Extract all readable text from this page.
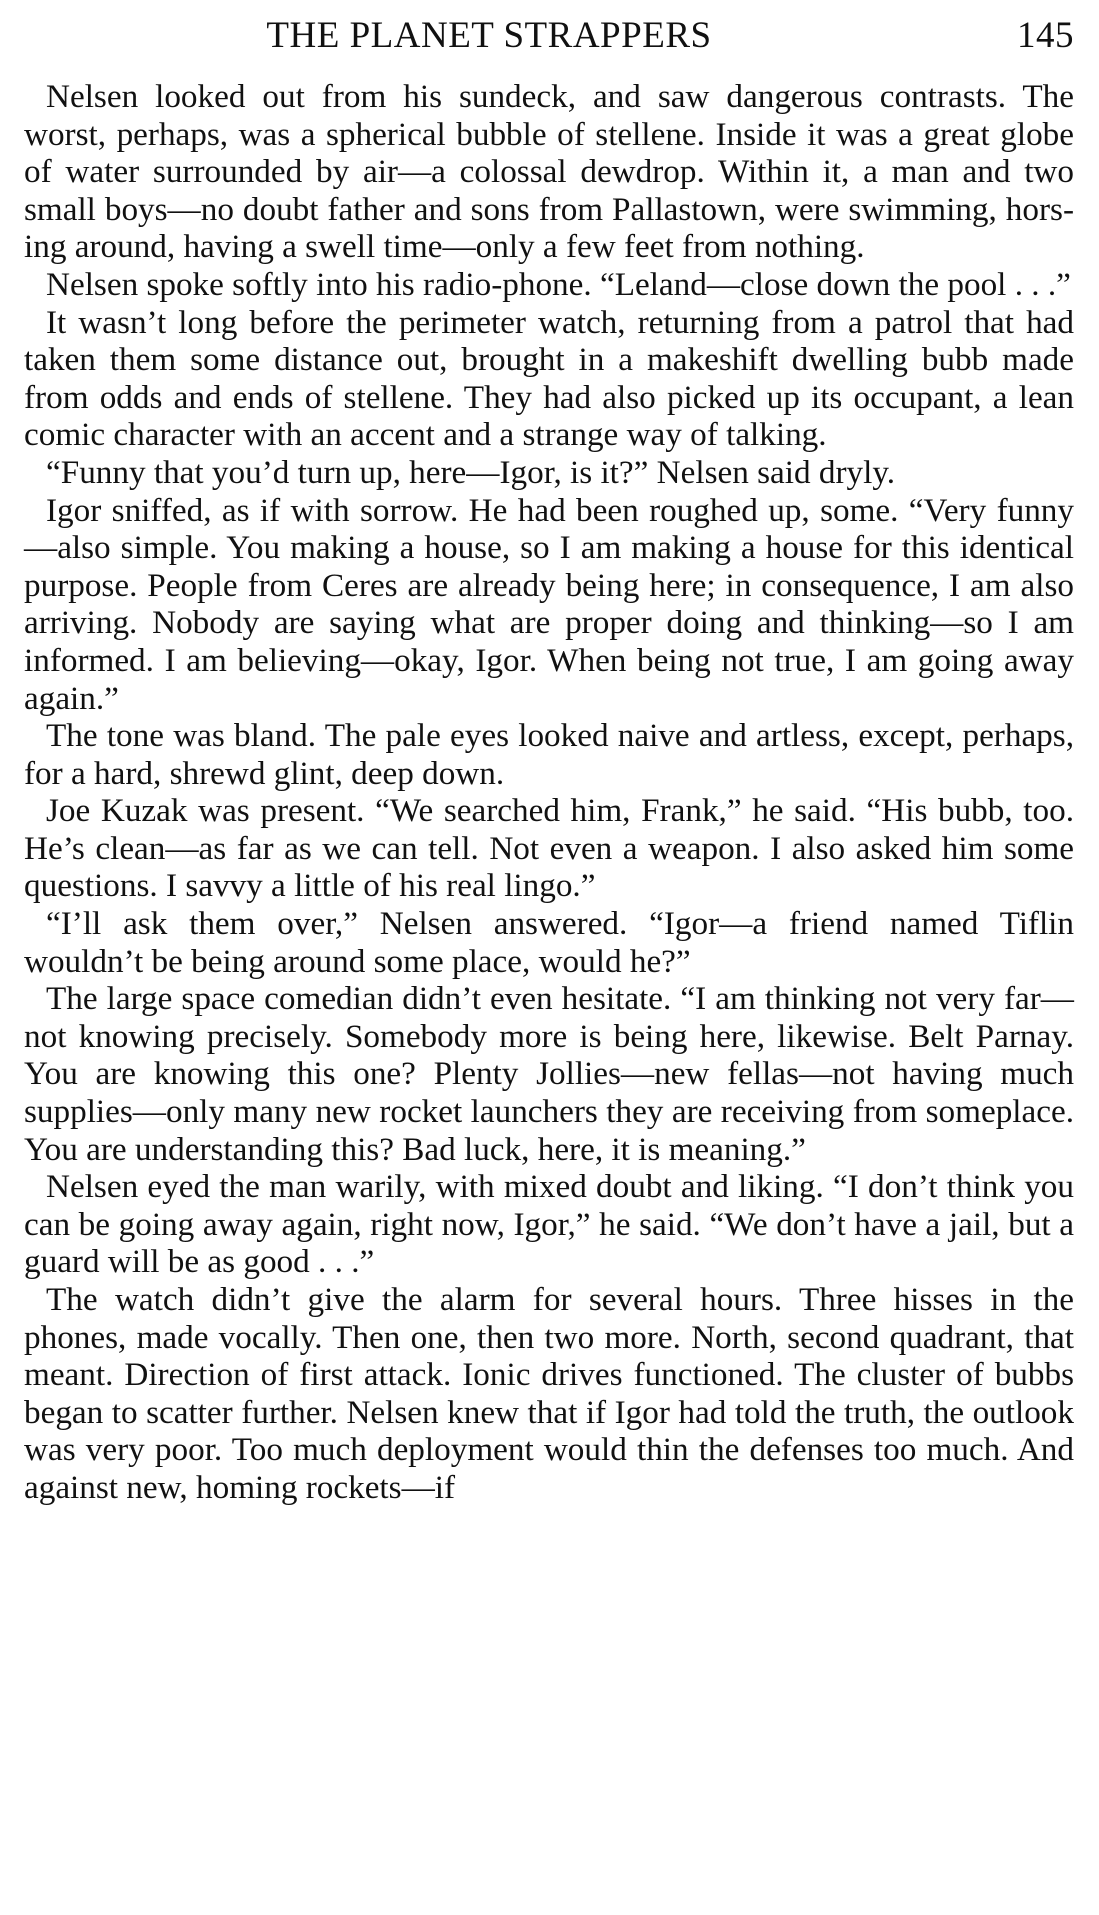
THE PLANET STRAPPERS	145

Nelsen looked out from his sundeck, and saw dangerous contrasts. The worst, perhaps, was a spherical bubble of stellene. Inside it was a great globe of water surrounded by air—a colossal dewdrop. Within it, a man and two small boys—no doubt father and sons from Pallastown, were swimming, horsing around, having a swell time—only a few feet from nothing.

Nelsen spoke softly into his radio-phone. “Leland—close down the pool . . .”

It wasn’t long before the perimeter watch, returning from a patrol that had taken them some distance out, brought in a makeshift dwelling bubb made from odds and ends of stellene. They had also picked up its occupant, a lean comic character with an accent and a strange way of talking.

“Funny that you’d turn up, here—Igor, is it?” Nelsen said dryly.

Igor sniffed, as if with sorrow. He had been roughed up, some. “Very funny—also simple. You making a house, so I am making a house for this identical purpose. People from Ceres are already being here; in consequence, I am also arriving. Nobody are saying what are proper doing and thinking—so I am informed. I am believing—okay, Igor. When being not true, I am going away again.”

The tone was bland. The pale eyes looked naive and artless, except, perhaps, for a hard, shrewd glint, deep down.

Joe Kuzak was present. “We searched him, Frank,” he said. “His bubb, too. He’s clean—as far as we can tell. Not even a weapon. I also asked him some questions. I savvy a little of his real lingo.”

“I’ll ask them over,” Nelsen answered. “Igor—a friend named Tiflin wouldn’t be being around some place, would he?”

The large space comedian didn’t even hesitate. “I am thinking not very far—not knowing precisely. Somebody more is being here, likewise. Belt Parnay. You are knowing this one? Plenty Jollies—new fellas—not having much supplies—only many new rocket launchers they are receiving from someplace. You are understanding this? Bad luck, here, it is meaning.”

Nelsen eyed the man warily, with mixed doubt and liking. “I don’t think you can be going away again, right now, Igor,” he said. “We don’t have a jail, but a guard will be as good . . .”

The watch didn’t give the alarm for several hours. Three hisses in the phones, made vocally. Then one, then two more. North, second quadrant, that meant. Direction of first attack. Ionic drives functioned. The cluster of bubbs began to scatter further. Nelsen knew that if Igor had told the truth, the outlook was very poor. Too much deployment would thin the defenses too much. And against new, homing rockets—if
